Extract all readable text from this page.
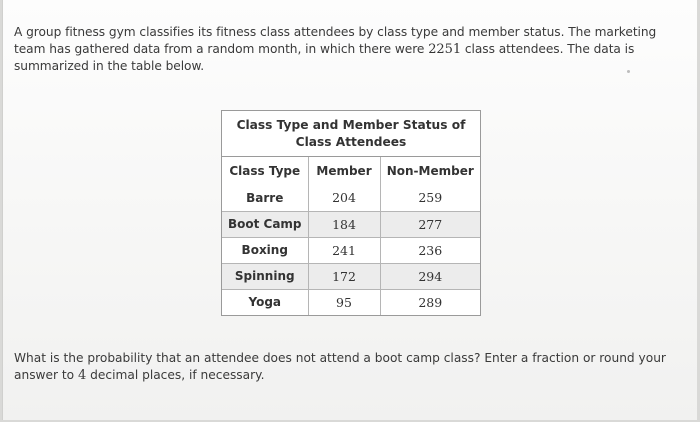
A group fitness gym classifies its fitness class attendees by class type and member status. The marketing team has gathered data from a random month, in which there were 2251 class attendees. The data is summarized in the table below.
Class Type and Member Status of Class Attendees
Class Type	Member	Non-Member
Barre	204	259
Boot Camp	184	277
Boxing	241	236
Spinning	172	294
Yoga	95	289
What is the probability that an attendee does not attend a boot camp class? Enter a fraction or round your answer to 4 decimal places, if necessary.
